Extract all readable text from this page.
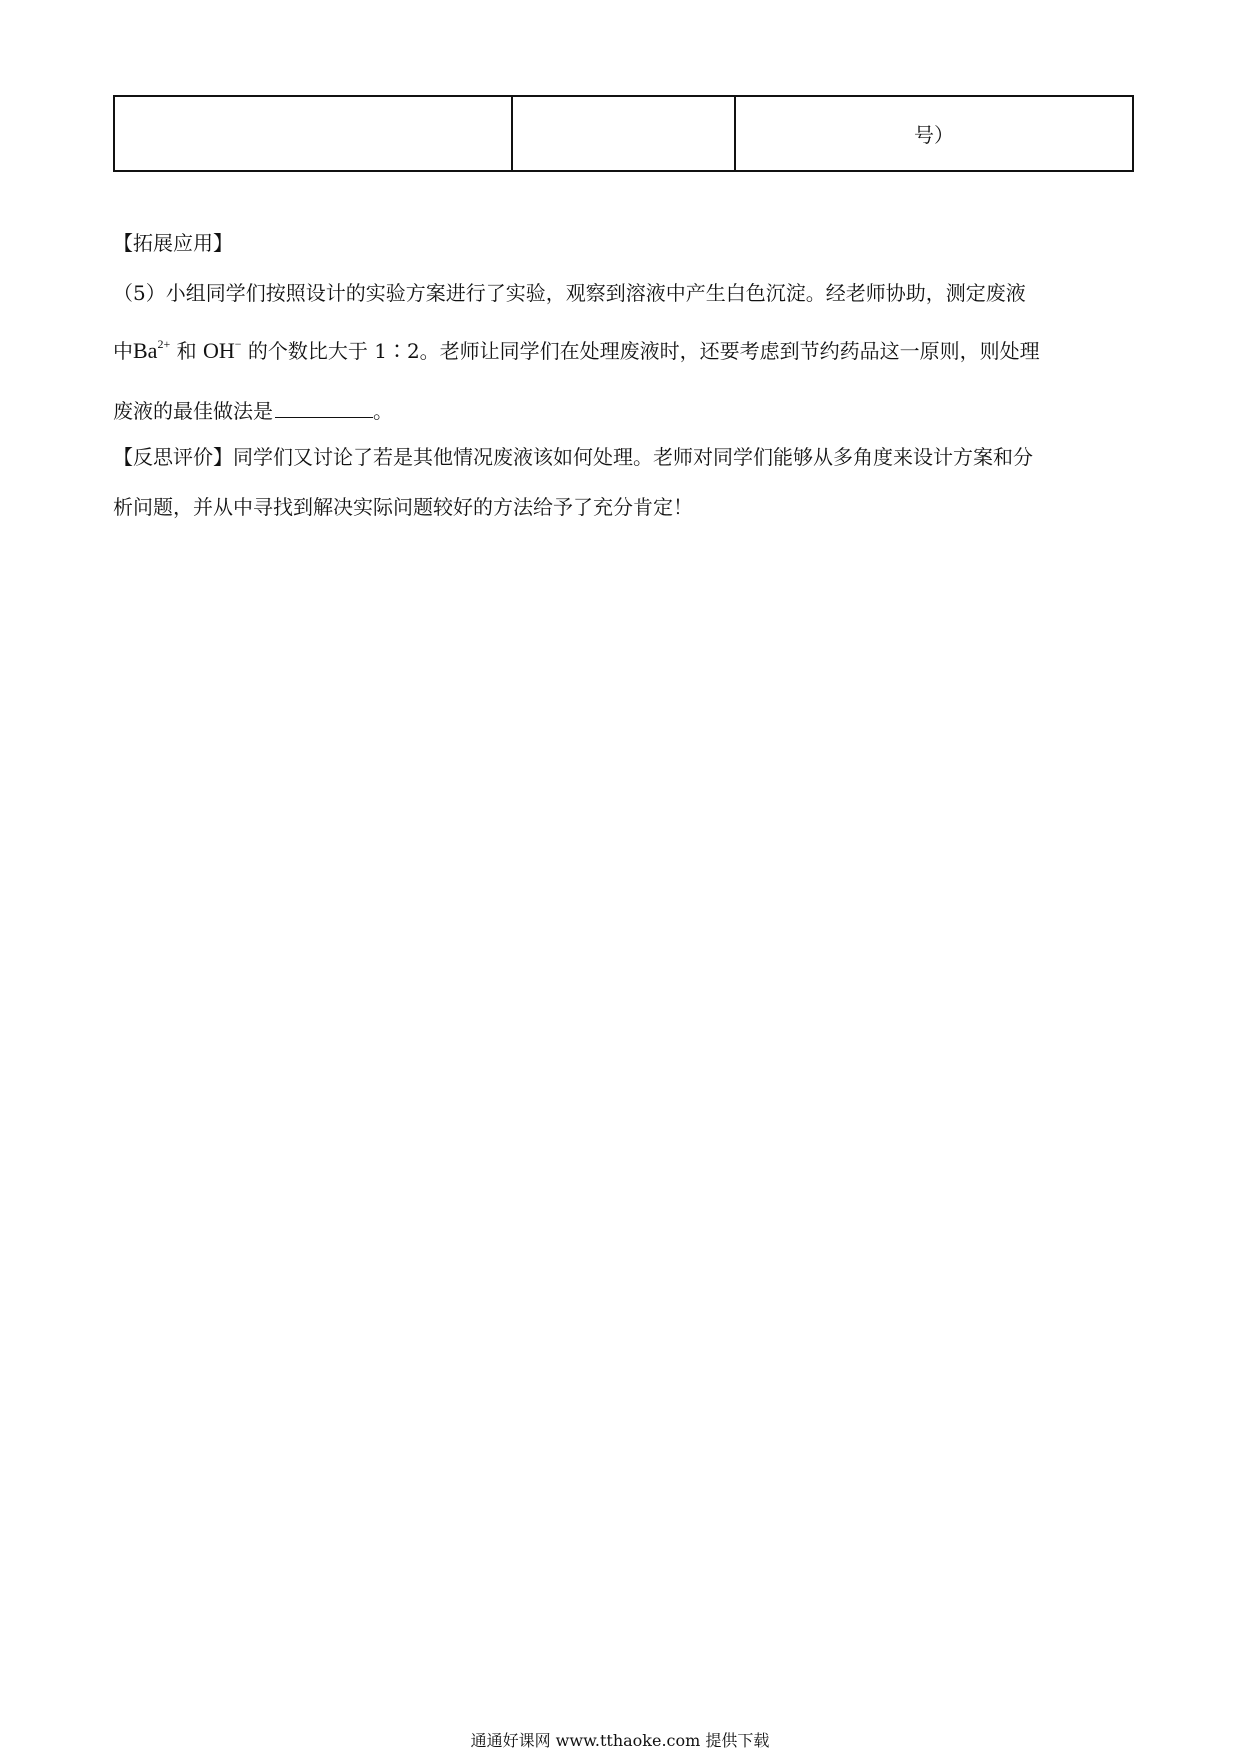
		号）
【拓展应用】
（5）小组同学们按照设计的实验方案进行了实验，观察到溶液中产生白色沉淀。经老师协助，测定废液
中$Ba^{2+}$ 和 OH− 的个数比大于 1∶2。老师让同学们在处理废液时，还要考虑到节约药品这一原则，则处理
废液的最佳做法是	。
【反思评价】同学们又讨论了若是其他情况废液该如何处理。老师对同学们能够从多角度来设计方案和分
析问题，并从中寻找到解决实际问题较好的方法给予了充分肯定！
通通好课网 www.tthaoke.com 提供下载
